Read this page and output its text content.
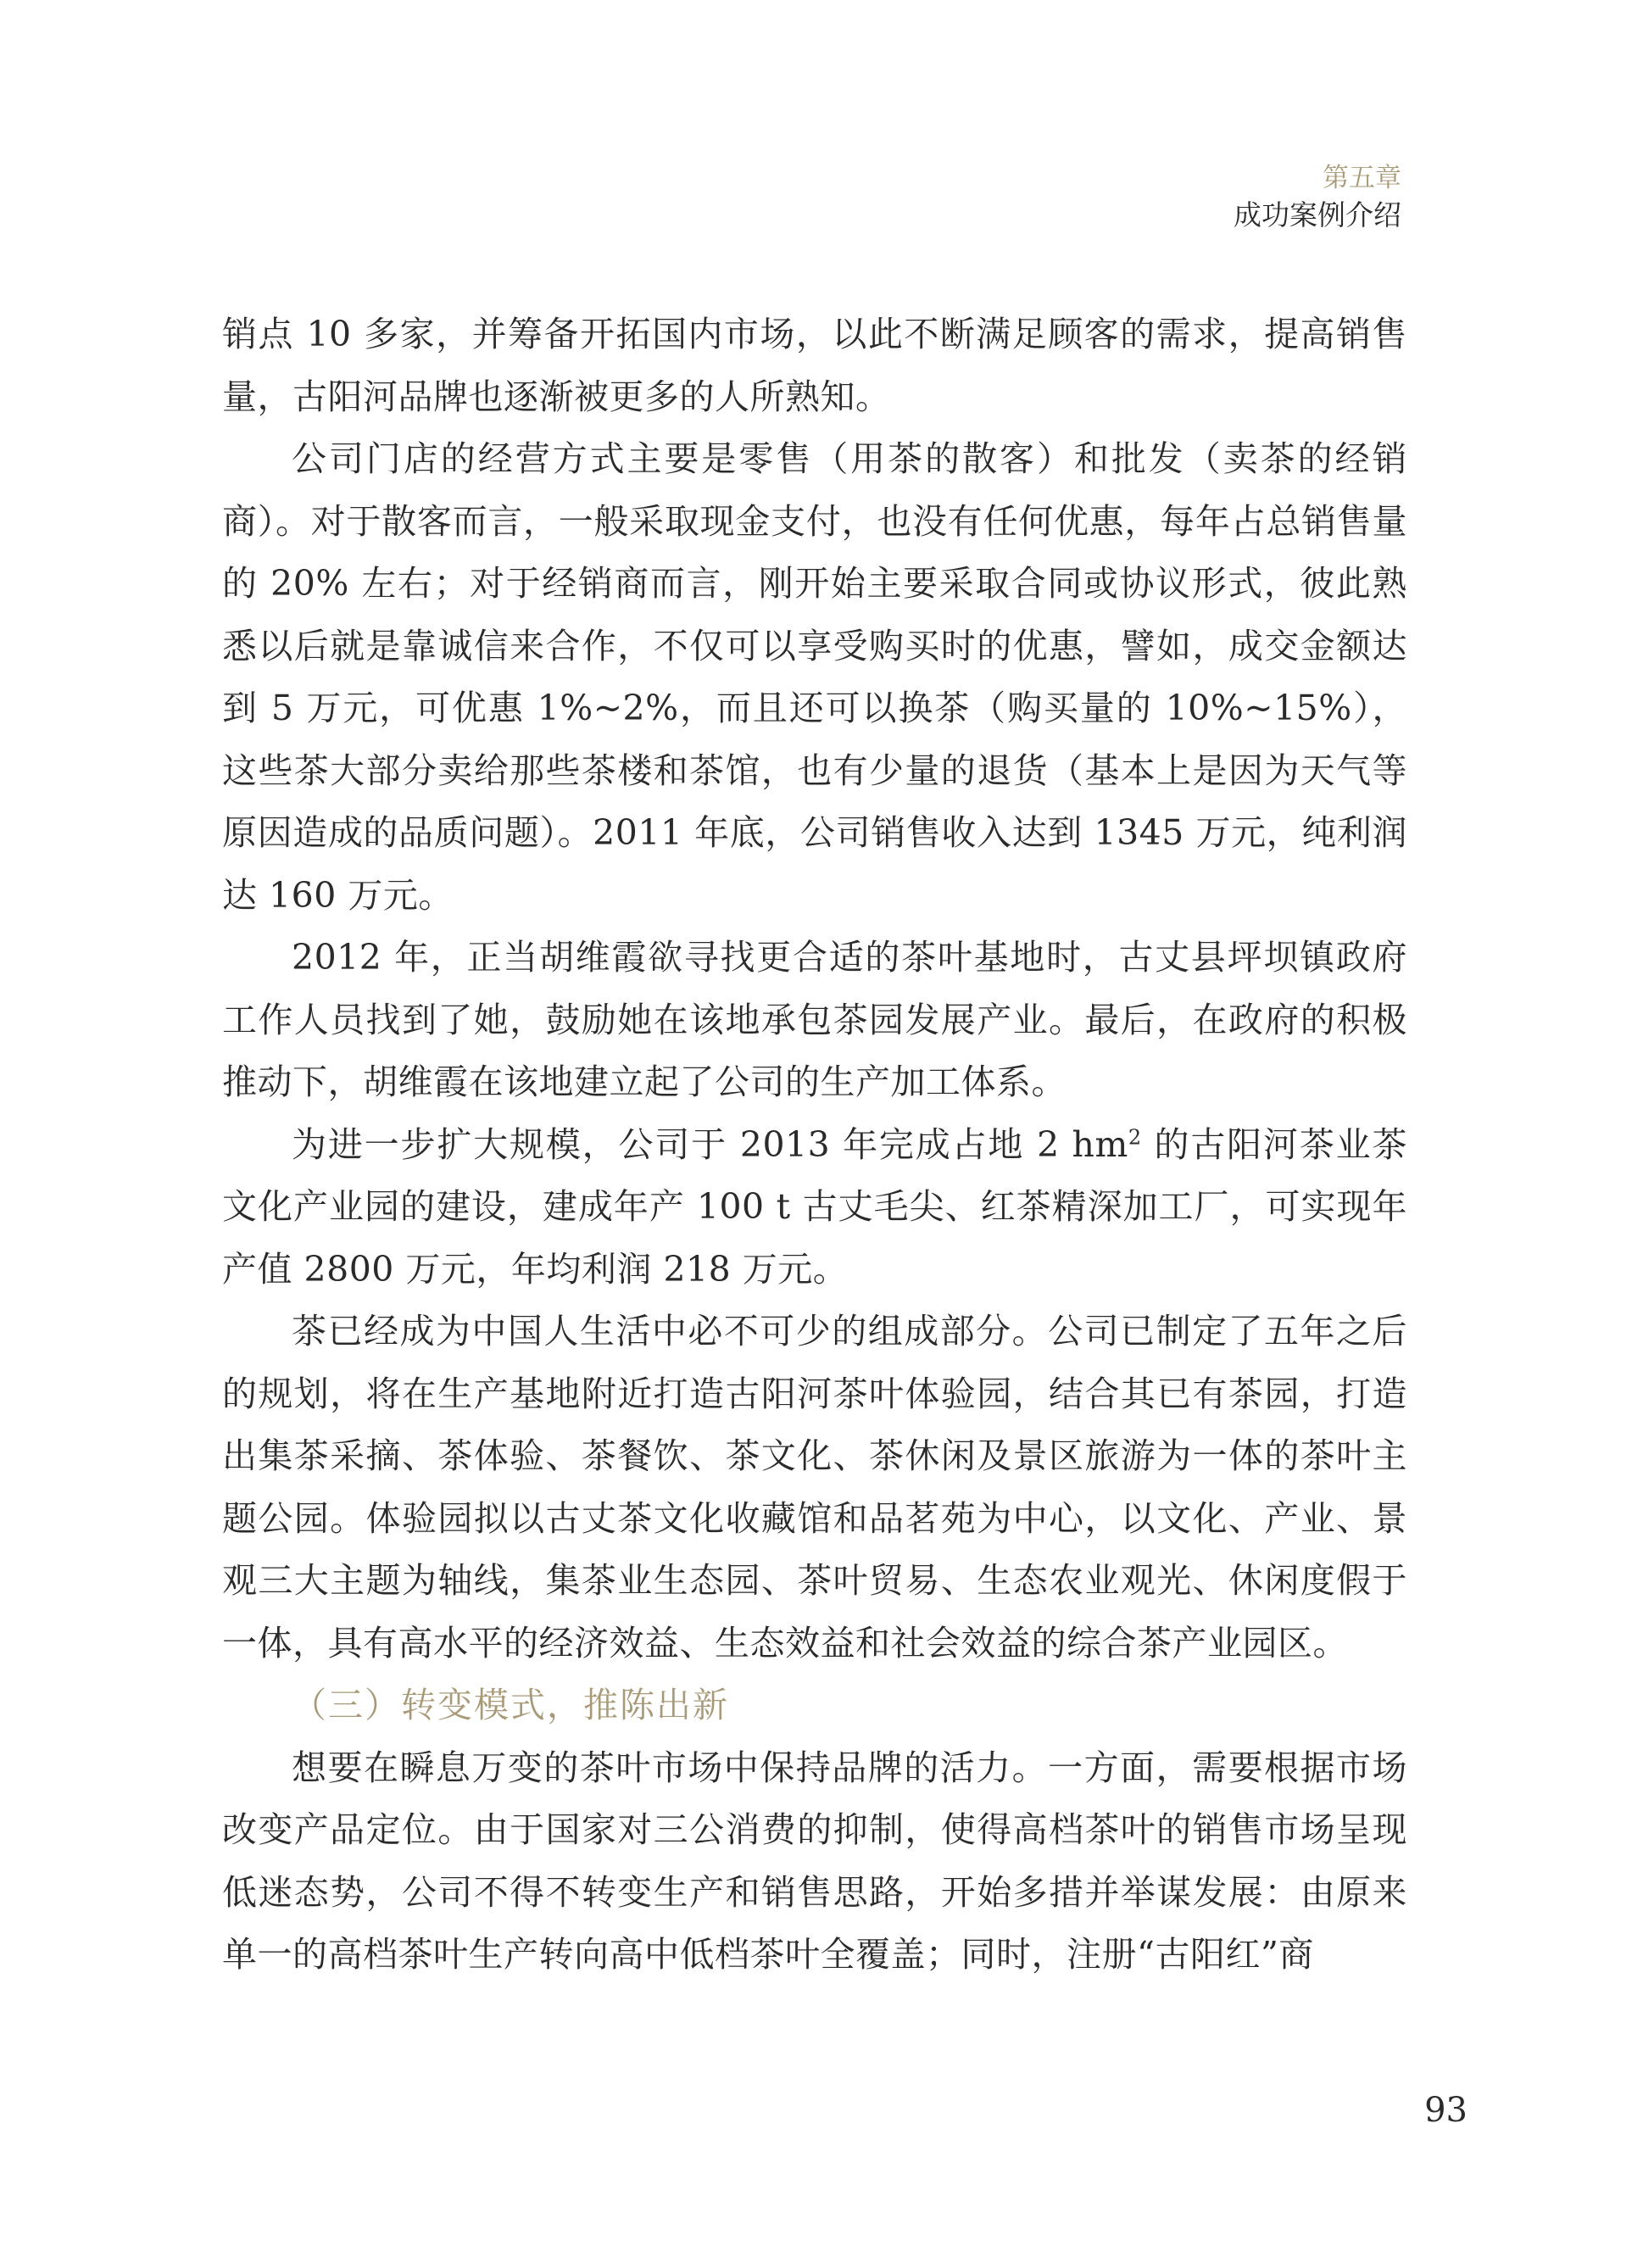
第五章
成功案例介绍

销点 10 多家，并筹备开拓国内市场，以此不断满足顾客的需求，提高销售量，古阳河品牌也逐渐被更多的人所熟知。

公司门店的经营方式主要是零售（用茶的散客）和批发（卖茶的经销商）。对于散客而言，一般采取现金支付，也没有任何优惠，每年占总销售量的 20% 左右；对于经销商而言，刚开始主要采取合同或协议形式，彼此熟悉以后就是靠诚信来合作，不仅可以享受购买时的优惠，譬如，成交金额达到 5 万元，可优惠 1%~2%，而且还可以换茶（购买量的 10%~15%），这些茶大部分卖给那些茶楼和茶馆，也有少量的退货（基本上是因为天气等原因造成的品质问题）。2011 年底，公司销售收入达到 1345 万元，纯利润达 160 万元。

2012 年，正当胡维霞欲寻找更合适的茶叶基地时，古丈县坪坝镇政府工作人员找到了她，鼓励她在该地承包茶园发展产业。最后，在政府的积极推动下，胡维霞在该地建立起了公司的生产加工体系。

为进一步扩大规模，公司于 2013 年完成占地 2 $hm^2$ 的古阳河茶业茶文化产业园的建设，建成年产 100 t 古丈毛尖、红茶精深加工厂，可实现年产值 2800 万元，年均利润 218 万元。

茶已经成为中国人生活中必不可少的组成部分。公司已制定了五年之后的规划，将在生产基地附近打造古阳河茶叶体验园，结合其已有茶园，打造出集茶采摘、茶体验、茶餐饮、茶文化、茶休闲及景区旅游为一体的茶叶主题公园。体验园拟以古丈茶文化收藏馆和品茗苑为中心，以文化、产业、景观三大主题为轴线，集茶业生态园、茶叶贸易、生态农业观光、休闲度假于一体，具有高水平的经济效益、生态效益和社会效益的综合茶产业园区。

（三）转变模式，推陈出新

想要在瞬息万变的茶叶市场中保持品牌的活力。一方面，需要根据市场改变产品定位。由于国家对三公消费的抑制，使得高档茶叶的销售市场呈现低迷态势，公司不得不转变生产和销售思路，开始多措并举谋发展：由原来单一的高档茶叶生产转向高中低档茶叶全覆盖；同时，注册“古阳红”商

93
